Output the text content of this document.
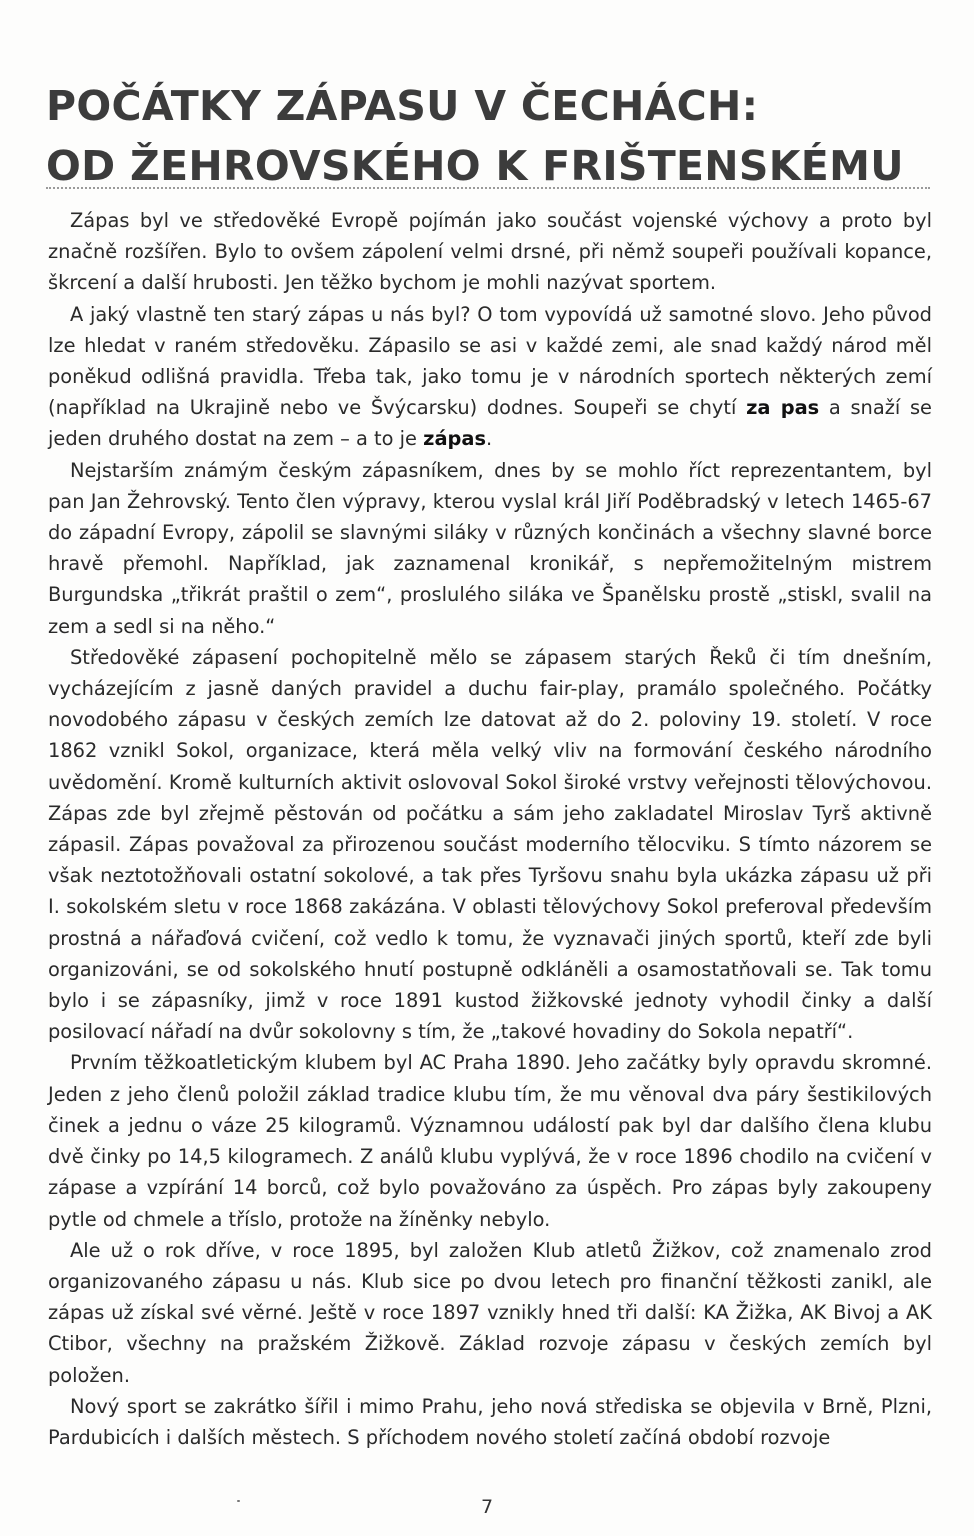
POČÁTKY ZÁPASU V ČECHÁCH:
OD ŽEHROVSKÉHO K FRIŠTENSKÉMU

Zápas byl ve středověké Evropě pojímán jako součást vojenské výchovy a proto byl značně rozšířen. Bylo to ovšem zápolení velmi drsné, při němž soupeři používali kopance, škrcení a další hrubosti. Jen těžko bychom je mohli nazývat sportem.

A jaký vlastně ten starý zápas u nás byl? O tom vypovídá už samotné slovo. Jeho původ lze hledat v raném středověku. Zápasilo se asi v každé zemi, ale snad každý národ měl poněkud odlišná pravidla. Třeba tak, jako tomu je v národních sportech některých zemí (například na Ukrajině nebo ve Švýcarsku) dodnes. Soupeři se chytí za pas a snaží se jeden druhého dostat na zem – a to je zápas.

Nejstarším známým českým zápasníkem, dnes by se mohlo říct reprezentantem, byl pan Jan Žehrovský. Tento člen výpravy, kterou vyslal král Jiří Poděbradský v letech 1465-67 do západní Evropy, zápolil se slavnými siláky v různých končinách a všechny slavné borce hravě přemohl. Například, jak zaznamenal kronikář, s nepřemožitelným mistrem Burgundska „třikrát praštil o zem“, proslulého siláka ve Španělsku prostě „stiskl, svalil na zem a sedl si na něho.“

Středověké zápasení pochopitelně mělo se zápasem starých Řeků či tím dnešním, vycházejícím z jasně daných pravidel a duchu fair-play, pramálo společného. Počátky novodobého zápasu v českých zemích lze datovat až do 2. poloviny 19. století. V roce 1862 vznikl Sokol, organizace, která měla velký vliv na formování českého národního uvědomění. Kromě kulturních aktivit oslovoval Sokol široké vrstvy veřejnosti tělovýchovou. Zápas zde byl zřejmě pěstován od počátku a sám jeho zakladatel Miroslav Tyrš aktivně zápasil. Zápas považoval za přirozenou součást moderního tělocviku. S tímto názorem se však neztotožňovali ostatní sokolové, a tak přes Tyršovu snahu byla ukázka zápasu už při I. sokolském sletu v roce 1868 zakázána. V oblasti tělovýchovy Sokol preferoval především prostná a nářaďová cvičení, což vedlo k tomu, že vyznavači jiných sportů, kteří zde byli organizováni, se od sokolského hnutí postupně odkláněli a osamostatňovali se. Tak tomu bylo i se zápasníky, jimž v roce 1891 kustod žižkovské jednoty vyhodil činky a další posilovací nářadí na dvůr sokolovny s tím, že „takové hovadiny do Sokola nepatří“.

Prvním těžkoatletickým klubem byl AC Praha 1890. Jeho začátky byly opravdu skromné. Jeden z jeho členů položil základ tradice klubu tím, že mu věnoval dva páry šestikilových činek a jednu o váze 25 kilogramů. Významnou událostí pak byl dar dalšího člena klubu dvě činky po 14,5 kilogramech. Z análů klubu vyplývá, že v roce 1896 chodilo na cvičení v zápase a vzpírání 14 borců, což bylo považováno za úspěch. Pro zápas byly zakoupeny pytle od chmele a tříslo, protože na žíněnky nebylo.

Ale už o rok dříve, v roce 1895, byl založen Klub atletů Žižkov, což znamenalo zrod organizovaného zápasu u nás. Klub sice po dvou letech pro finanční těžkosti zanikl, ale zápas už získal své věrné. Ještě v roce 1897 vznikly hned tři další: KA Žižka, AK Bivoj a AK Ctibor, všechny na pražském Žižkově. Základ rozvoje zápasu v českých zemích byl položen.

Nový sport se zakrátko šířil i mimo Prahu, jeho nová střediska se objevila v Brně, Plzni, Pardubicích i dalších městech. S příchodem nového století začíná období rozvoje

7
